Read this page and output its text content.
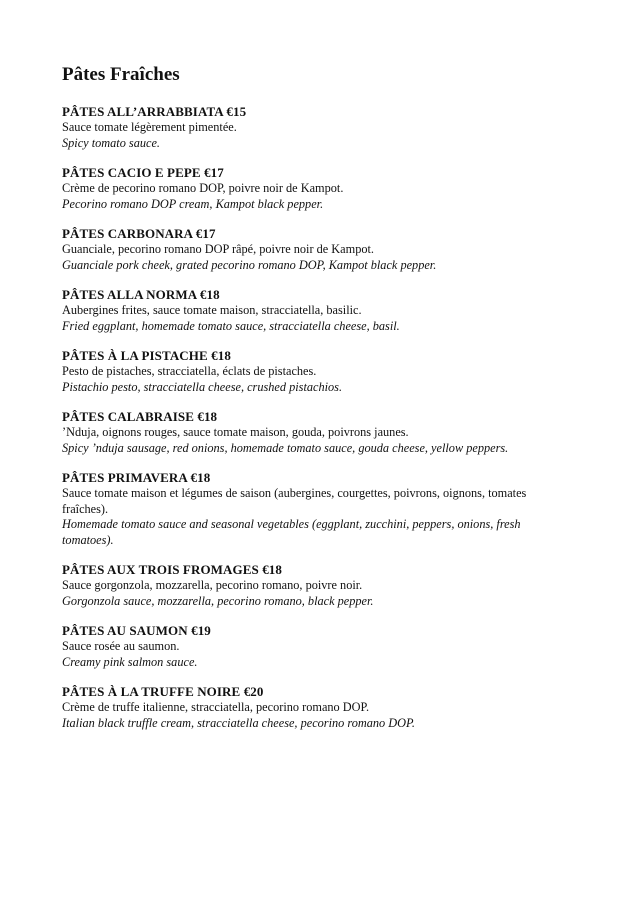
Pâtes Fraîches
PÂTES ALL’ARRABBIATA €15
Sauce tomate légèrement pimentée.
Spicy tomato sauce.
PÂTES CACIO E PEPE €17
Crème de pecorino romano DOP, poivre noir de Kampot.
Pecorino romano DOP cream, Kampot black pepper.
PÂTES CARBONARA €17
Guanciale, pecorino romano DOP râpé, poivre noir de Kampot.
Guanciale pork cheek, grated pecorino romano DOP, Kampot black pepper.
PÂTES ALLA NORMA €18
Aubergines frites, sauce tomate maison, stracciatella, basilic.
Fried eggplant, homemade tomato sauce, stracciatella cheese, basil.
PÂTES À LA PISTACHE €18
Pesto de pistaches, stracciatella, éclats de pistaches.
Pistachio pesto, stracciatella cheese, crushed pistachios.
PÂTES CALABRAISE €18
’Nduja, oignons rouges, sauce tomate maison, gouda, poivrons jaunes.
Spicy ’nduja sausage, red onions, homemade tomato sauce, gouda cheese, yellow peppers.
PÂTES PRIMAVERA €18
Sauce tomate maison et légumes de saison (aubergines, courgettes, poivrons, oignons, tomates fraîches).
Homemade tomato sauce and seasonal vegetables (eggplant, zucchini, peppers, onions, fresh tomatoes).
PÂTES AUX TROIS FROMAGES €18
Sauce gorgonzola, mozzarella, pecorino romano, poivre noir.
Gorgonzola sauce, mozzarella, pecorino romano, black pepper.
PÂTES AU SAUMON €19
Sauce rosée au saumon.
Creamy pink salmon sauce.
PÂTES À LA TRUFFE NOIRE €20
Crème de truffe italienne, stracciatella, pecorino romano DOP.
Italian black truffle cream, stracciatella cheese, pecorino romano DOP.
